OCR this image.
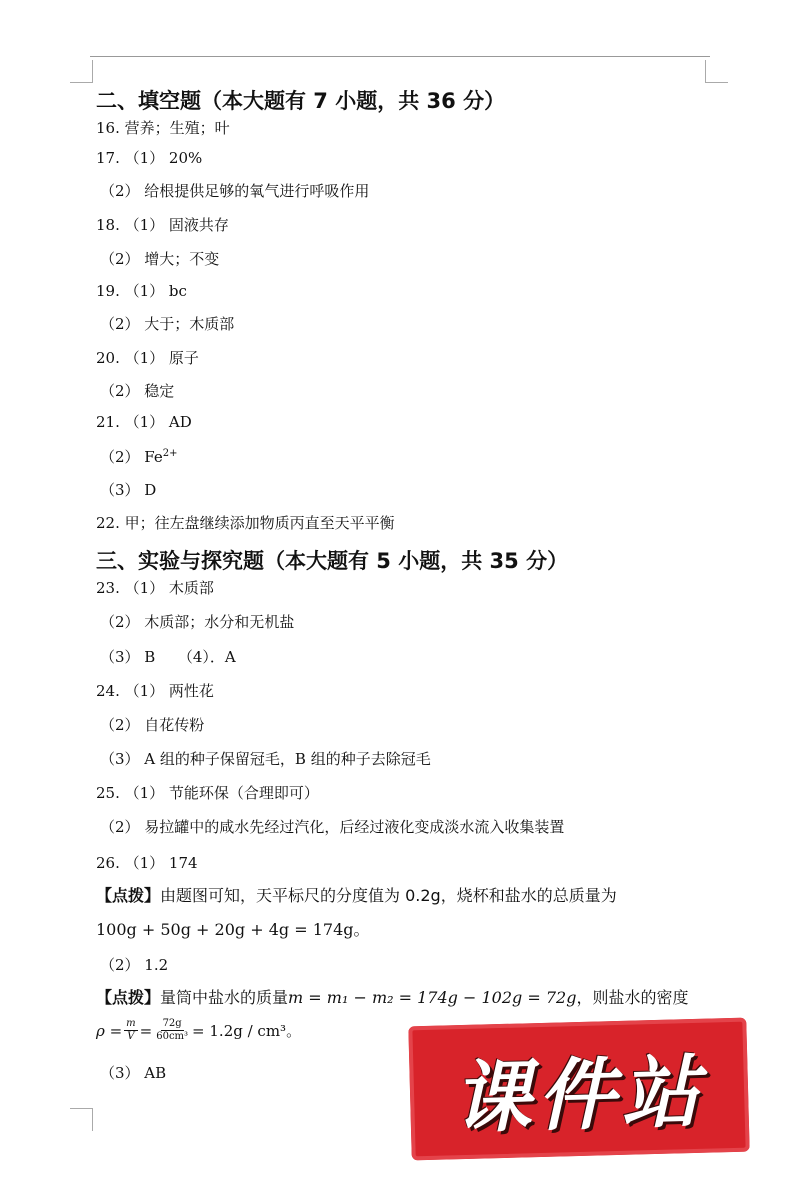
二、填空题（本大题有 7 小题，共 36 分）
16. 营养；生殖；叶
17. （1） 20%
（2） 给根提供足够的氧气进行呼吸作用
18. （1） 固液共存
（2） 增大；不变
19. （1） bc
（2） 大于；木质部
20. （1） 原子
（2） 稳定
21. （1） AD
（2） $Fe^{2+}$
（3） D
22. 甲；往左盘继续添加物质丙直至天平平衡
三、实验与探究题（本大题有 5 小题，共 35 分）
23. （1） 木质部
（2） 木质部；水分和无机盐
（3） B　　（4）．A
24. （1） 两性花
（2） 自花传粉
（3） A 组的种子保留冠毛，B 组的种子去除冠毛
25. （1） 节能环保（合理即可）
（2） 易拉罐中的咸水先经过汽化，后经过液化变成淡水流入收集装置
26. （1） 174
【点拨】由题图可知，天平标尺的分度值为 0.2g，烧杯和盐水的总质量为
100g + 50g + 20g + 4g = 174g。
（2） 1.2
【点拨】量筒中盐水的质量m = m₁ − m₂ = 174g − 102g = 72g，则盐水的密度
$\rho = \frac{m}{V} = \frac{72g}{\text{60cm³}} = 1.2g / cm^3$。
（3） AB	课件站
